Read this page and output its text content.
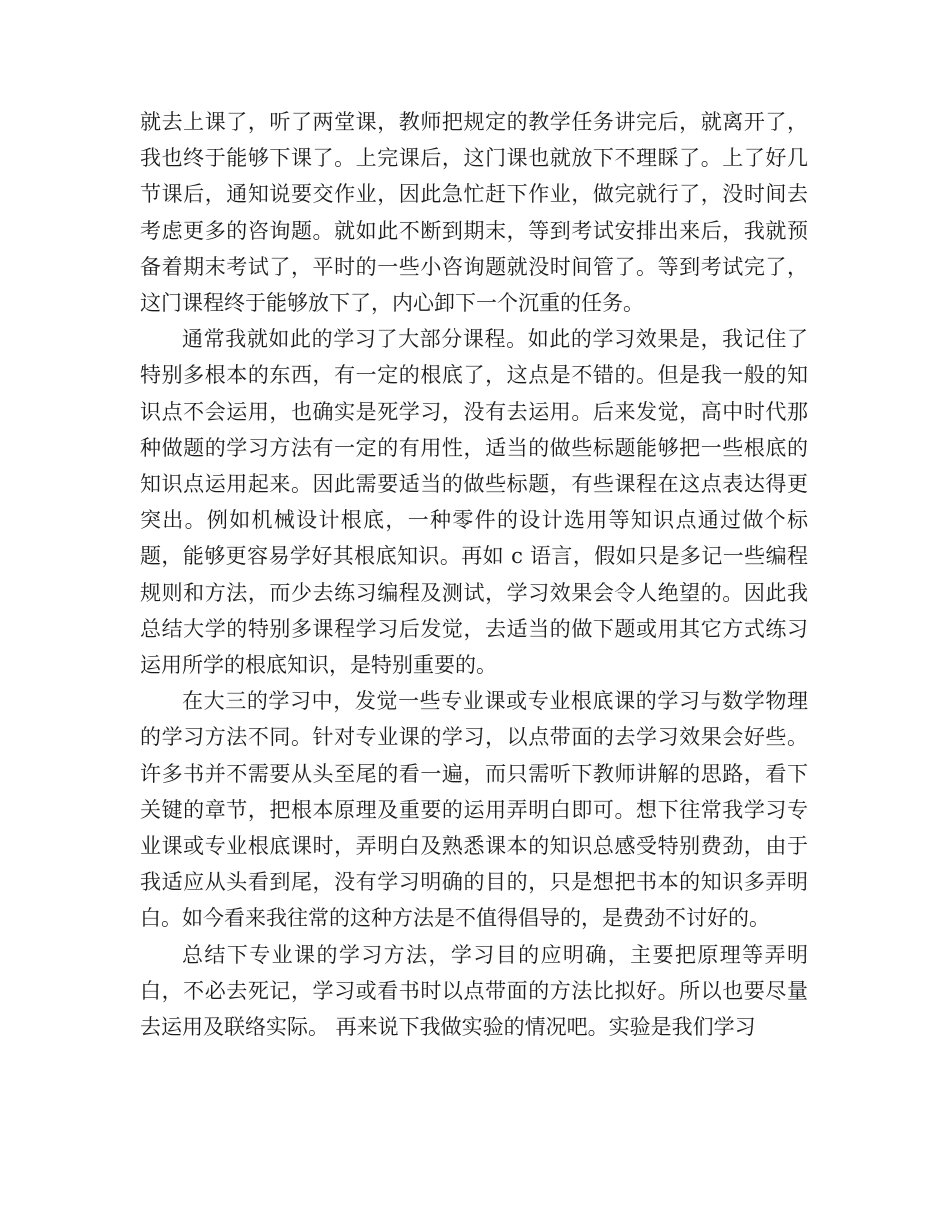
就去上课了，听了两堂课，教师把规定的教学任务讲完后，就离开了，我也终于能够下课了。上完课后，这门课也就放下不理睬了。上了好几节课后，通知说要交作业，因此急忙赶下作业，做完就行了，没时间去考虑更多的咨询题。就如此不断到期末，等到考试安排出来后，我就预备着期末考试了，平时的一些小咨询题就没时间管了。等到考试完了，这门课程终于能够放下了，内心卸下一个沉重的任务。

通常我就如此的学习了大部分课程。如此的学习效果是，我记住了特别多根本的东西，有一定的根底了，这点是不错的。但是我一般的知识点不会运用，也确实是死学习，没有去运用。后来发觉，高中时代那种做题的学习方法有一定的有用性，适当的做些标题能够把一些根底的知识点运用起来。因此需要适当的做些标题，有些课程在这点表达得更突出。例如机械设计根底，一种零件的设计选用等知识点通过做个标题，能够更容易学好其根底知识。再如 c 语言，假如只是多记一些编程规则和方法，而少去练习编程及测试，学习效果会令人绝望的。因此我总结大学的特别多课程学习后发觉，去适当的做下题或用其它方式练习运用所学的根底知识，是特别重要的。

在大三的学习中，发觉一些专业课或专业根底课的学习与数学物理的学习方法不同。针对专业课的学习，以点带面的去学习效果会好些。许多书并不需要从头至尾的看一遍，而只需听下教师讲解的思路，看下关键的章节，把根本原理及重要的运用弄明白即可。想下往常我学习专业课或专业根底课时，弄明白及熟悉课本的知识总感受特别费劲，由于我适应从头看到尾，没有学习明确的目的，只是想把书本的知识多弄明白。如今看来我往常的这种方法是不值得倡导的，是费劲不讨好的。

总结下专业课的学习方法，学习目的应明确，主要把原理等弄明白，不必去死记，学习或看书时以点带面的方法比拟好。所以也要尽量去运用及联络实际。 再来说下我做实验的情况吧。实验是我们学习
